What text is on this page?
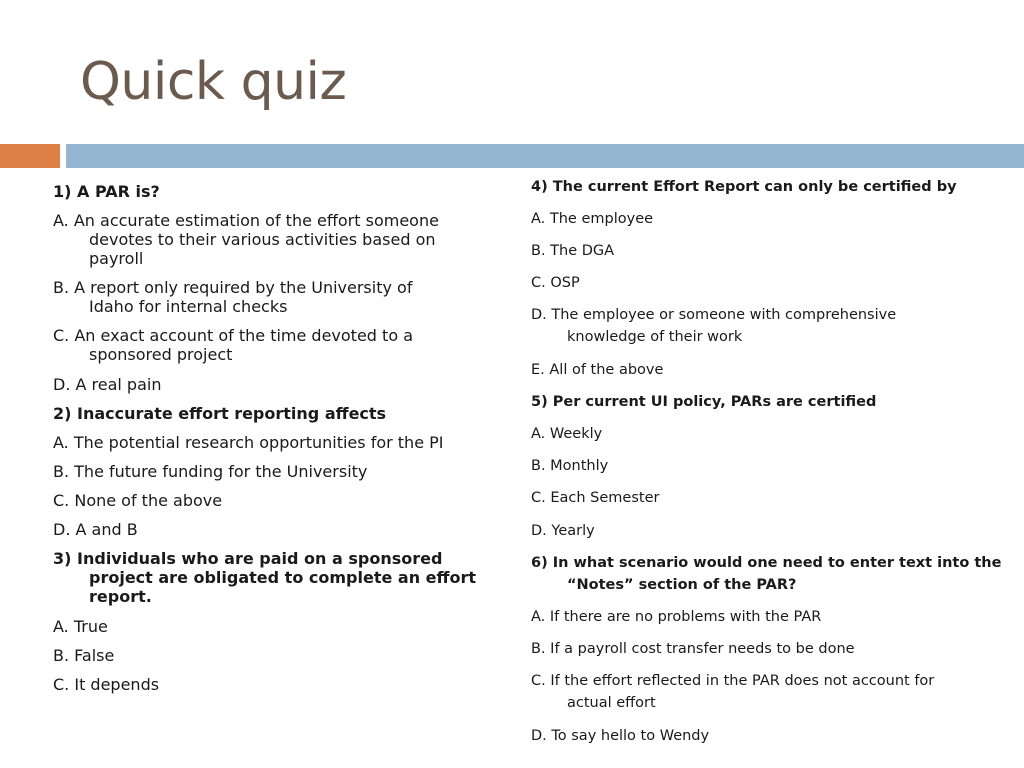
Quick quiz
1) A PAR is?
A. An accurate estimation of the effort someone
devotes to their various activities based on
payroll
B. A report only required by the University of
Idaho for internal checks
C. An exact account of the time devoted to a
sponsored project
D. A real pain
2) Inaccurate effort reporting affects
A. The potential research opportunities for the PI
B. The future funding for the University
C. None of the above
D. A and B
3) Individuals who are paid on a sponsored
project are obligated to complete an effort
report.
A. True
B. False
C. It depends
4) The current Effort Report can only be certified by
A. The employee
B. The DGA
C. OSP
D. The employee or someone with comprehensive
knowledge of their work
E. All of the above
5) Per current UI policy, PARs are certified
A. Weekly
B. Monthly
C. Each Semester
D. Yearly
6) In what scenario would one need to enter text into the
“Notes” section of the PAR?
A. If there are no problems with the PAR
B. If a payroll cost transfer needs to be done
C. If the effort reflected in the PAR does not account for
actual effort
D. To say hello to Wendy
